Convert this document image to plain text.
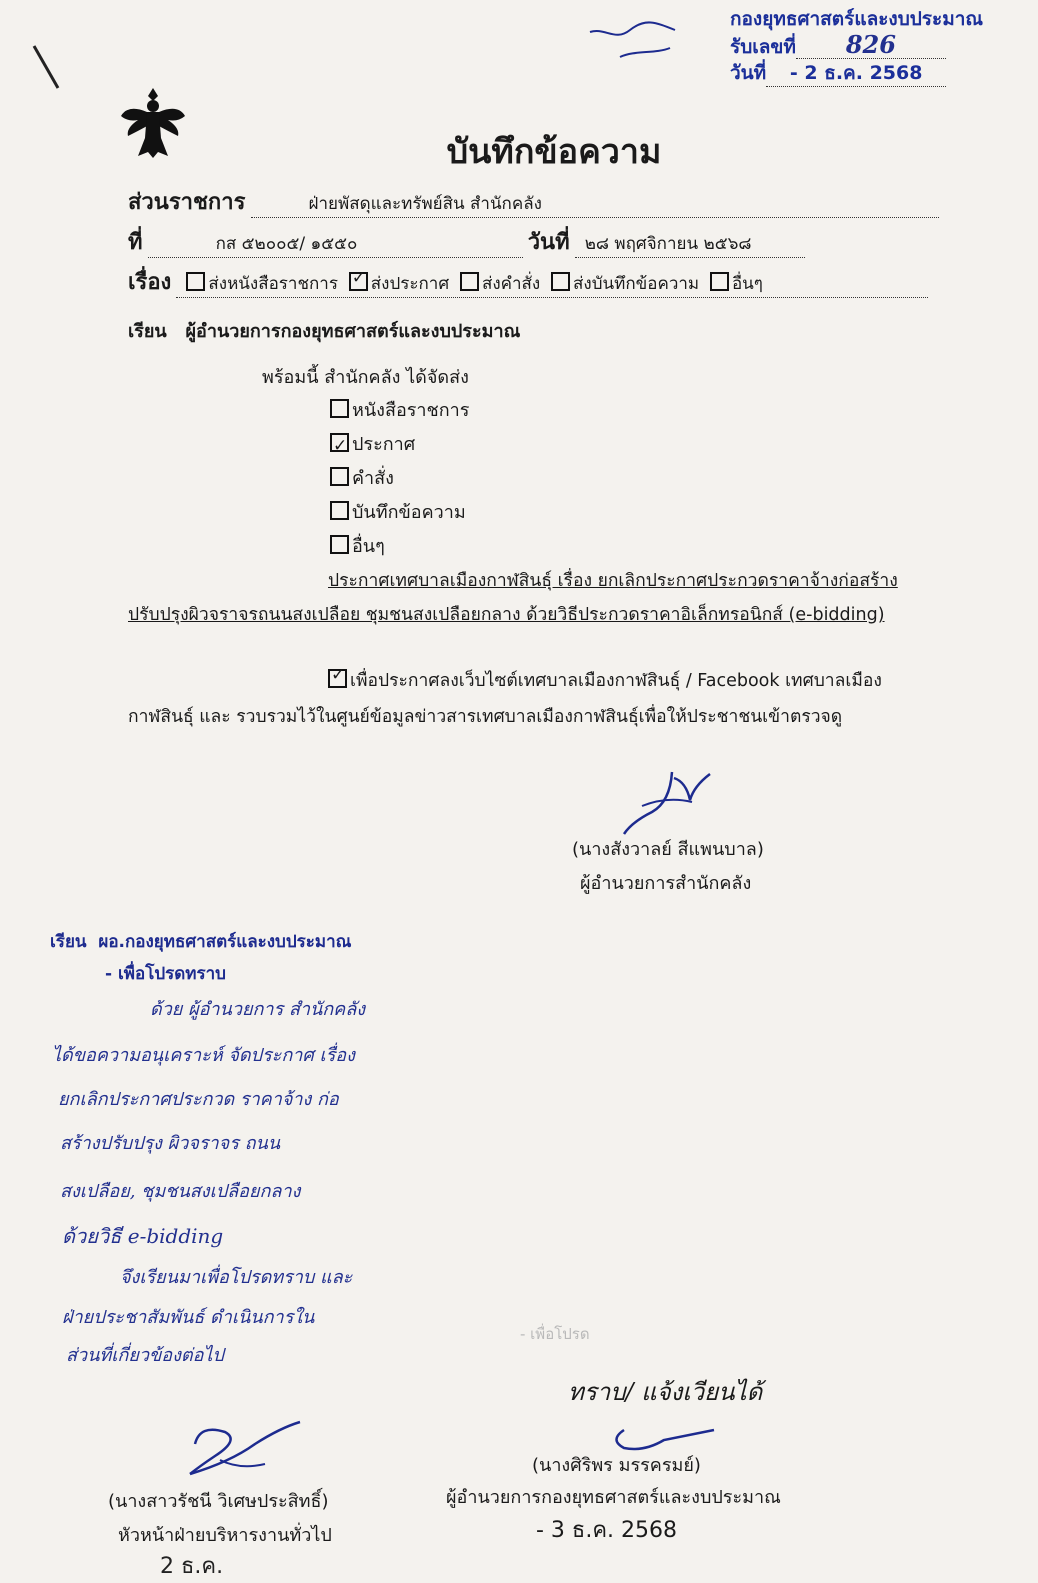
กองยุทธศาสตร์และงบประมาณ
รับเลขที่ 826
วันที่ - 2 ธ.ค. 2568
บันทึกข้อความ
ส่วนราชการ	ฝ่ายพัสดุและทรัพย์สิน สำนักคลัง
ที่	กส ๕๒๐๐๕/ ๑๕๕๐	วันที่ ๒๘ พฤศจิกายน ๒๕๖๘
เรื่อง ส่งหนังสือราชการ  ✓ ส่งประกาศ ส่งคำสั่ง ส่งบันทึกข้อความ อื่นๆ
เรียน ผู้อำนวยการกองยุทธศาสตร์และงบประมาณ
พร้อมนี้ สำนักคลัง ได้จัดส่ง
หนังสือราชการ
✓ประกาศ
คำสั่ง
บันทึกข้อความ
อื่นๆ
ประกาศเทศบาลเมืองกาฬสินธุ์ เรื่อง ยกเลิกประกาศประกวดราคาจ้างก่อสร้าง
ปรับปรุงผิวจราจรถนนสงเปลือย ชุมชนสงเปลือยกลาง ด้วยวิธีประกวดราคาอิเล็กทรอนิกส์ (e-bidding)
✓เพื่อประกาศลงเว็บไซต์เทศบาลเมืองกาฬสินธุ์ / Facebook เทศบาลเมือง
กาฬสินธุ์ และ รวบรวมไว้ในศูนย์ข้อมูลข่าวสารเทศบาลเมืองกาฬสินธุ์เพื่อให้ประชาชนเข้าตรวจดู
(นางสังวาลย์ สีแพนบาล)
ผู้อำนวยการสำนักคลัง
เรียน ผอ.กองยุทธศาสตร์และงบประมาณ
- เพื่อโปรดทราบ
ด้วย ผู้อำนวยการ สำนักคลัง
ได้ขอความอนุเคราะห์ จัดประกาศ เรื่อง
ยกเลิกประกาศประกวด ราคาจ้าง ก่อ
สร้างปรับปรุง ผิวจราจร ถนน
สงเปลือย, ชุมชนสงเปลือยกลาง
ด้วยวิธี e-bidding
จึงเรียนมาเพื่อโปรดทราบ และ
ฝ่ายประชาสัมพันธ์ ดำเนินการใน
ส่วนที่เกี่ยวข้องต่อไป
(นางสาวรัชนี วิเศษประสิทธิ์)
หัวหน้าฝ่ายบริหารงานทั่วไป
2 ธ.ค.
- เพื่อโปรด
ทราบ/ แจ้งเวียนได้
(นางศิริพร มรรครมย์)
ผู้อำนวยการกองยุทธศาสตร์และงบประมาณ
- 3 ธ.ค. 2568
